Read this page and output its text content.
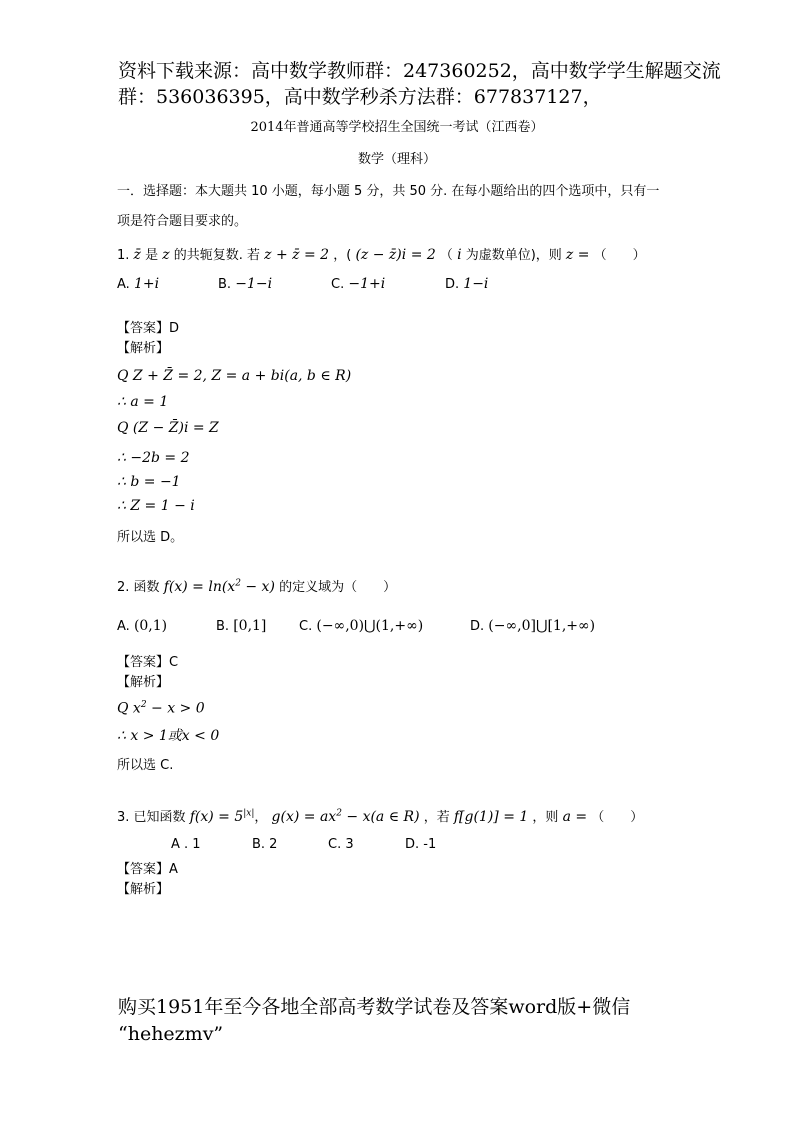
资料下载来源：高中数学教师群：247360252，高中数学学生解题交流
群：536036395，高中数学秒杀方法群：677837127，
2014年普通高等学校招生全国统一考试（江西卷）
数学（理科）
一．选择题：本大题共 10 小题，每小题 5 分，共 50 分. 在每小题给出的四个选项中，只有一
项是符合题目要求的。
1. z̄ 是 z 的共轭复数. 若 z + z̄ = 2 ，( (z − z̄)i = 2 （ i 为虚数单位)，则 z = （　　）
A. 1+i	B. −1−i	C. −1+i	D. 1−i
【答案】D
【解析】
Q Z + Z̄ = 2, Z = a + bi(a, b ∈ R)
∴ a = 1
Q (Z − Z̄)i = Z
∴ −2b = 2
∴ b = −1
∴ Z = 1 − i
所以选 D。
2. 函数 $f(x) = \ln(x^2 - x)$ 的定义域为（　　）
A. (0,1)	B. [0,1]	C. (−∞,0)⋃(1,+∞)	D. (−∞,0]⋃[1,+∞)
【答案】C
【解析】
Q $x^2 - x > 0$
∴ x > 1或x < 0
所以选 C.
3. 已知函数 $f(x) = 5^{|x|}$， $g(x) = ax^2 - x(a$ ∈ R) ，若 f[g(1)] = 1 ，则 a = （　　）
A . 1	B. 2	C. 3	D. -1
【答案】A
【解析】
购买1951年至今各地全部高考数学试卷及答案word版+微信
“hehezmv”
